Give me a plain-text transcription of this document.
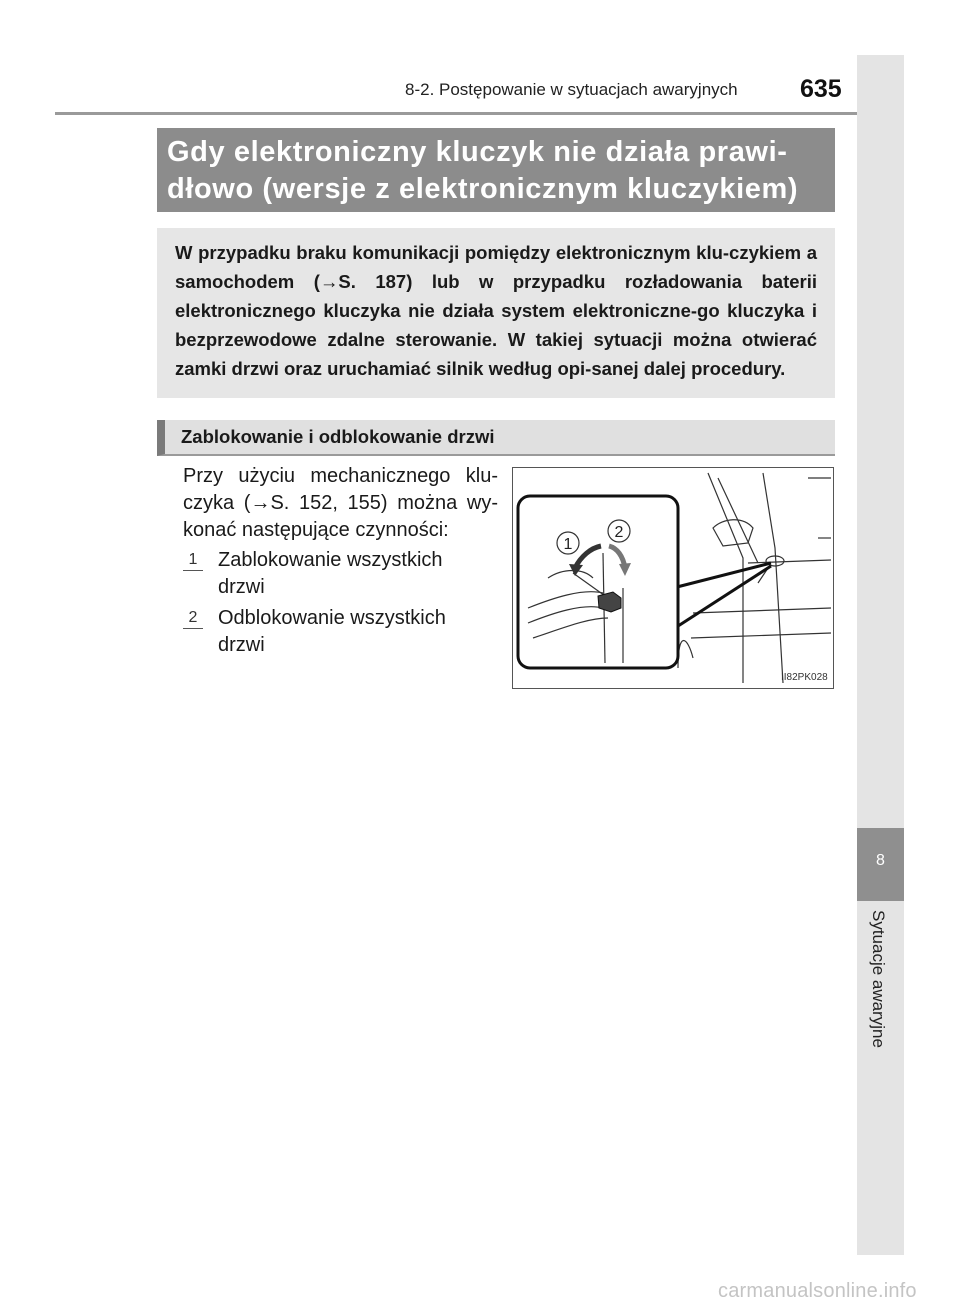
8-2. Postępowanie w sytuacjach awaryjnych 635
8
Sytuacje awaryjne
Gdy elektroniczny kluczyk nie działa prawi-
dłowo (wersje z elektronicznym kluczykiem)
W przypadku braku komunikacji pomiędzy elektronicznym klu-czykiem a samochodem (→S. 187) lub w przypadku rozładowania baterii elektronicznego kluczyka nie działa system elektroniczne-go kluczyka i bezprzewodowe zdalne sterowanie. W takiej sytuacji można otwierać zamki drzwi oraz uruchamiać silnik według opi-sanej dalej procedury.
Zablokowanie i odblokowanie drzwi
Przy użyciu mechanicznego klu-czyka (→S. 152, 155) można wy-konać następujące czynności:
1 Zablokowanie wszystkich drzwi
2 Odblokowanie wszystkich drzwi
1
2
II82PK028
carmanualsonline.info
